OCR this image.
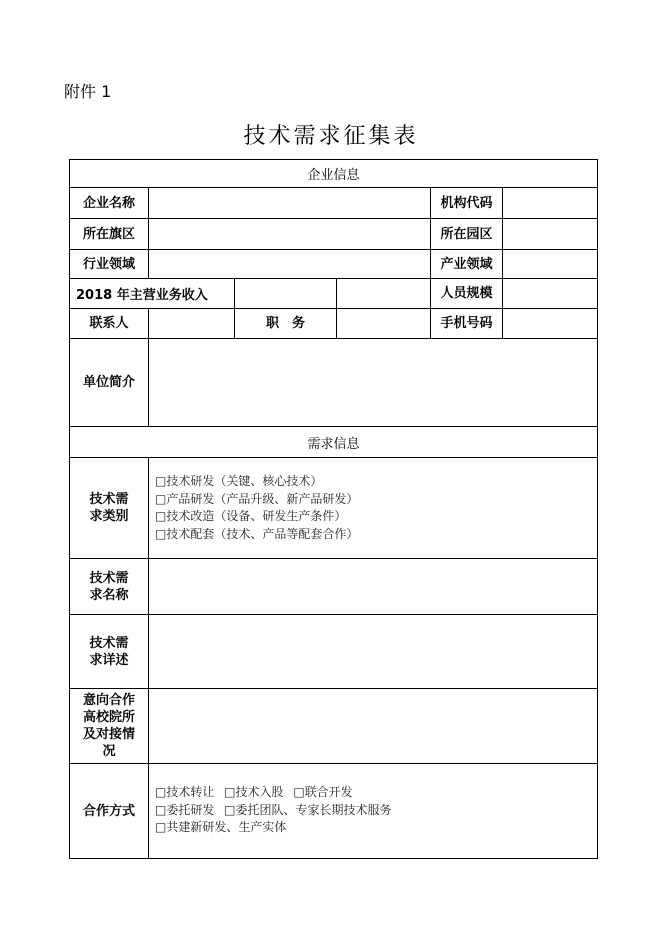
附件 1
技术需求征集表
企业信息					
企业名称				机构代码	
所在旗区				所在园区	
行业领域				产业领域	
2018 年主营业务收入				人员规模	
联系人		职　务		手机号码	
单位简介					
需求信息					

技术需求类别	□技术研发（关键、核心技术）
□产品研发（产品升级、新产品研发）
□技术改造（设备、研发生产条件）
□技术配套（技术、产品等配套合作）				

技术需求名称					

技术需求详述					

意向合作高校院所及对接情况					

合作方式	□技术转让 □技术入股 □联合开发
□委托研发 □委托团队、专家长期技术服务
□共建新研发、生产实体				
